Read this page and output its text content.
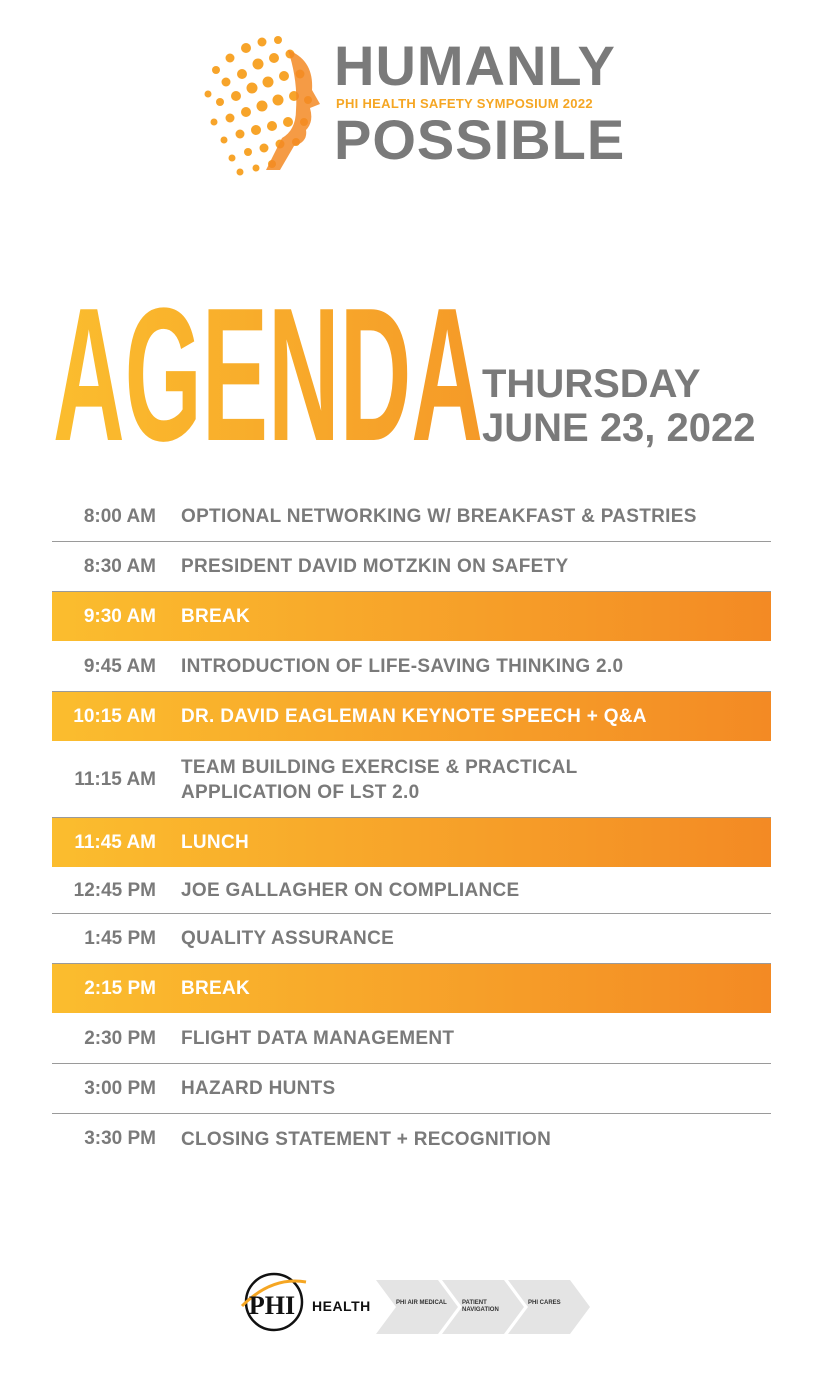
HUMANLY
PHI HEALTH SAFETY SYMPOSIUM 2022
POSSIBLE
AGENDA THURSDAY
JUNE 23, 2022
8:00 AM OPTIONAL NETWORKING W/ BREAKFAST & PASTRIES
8:30 AM PRESIDENT DAVID MOTZKIN ON SAFETY
9:30 AM BREAK
9:45 AM INTRODUCTION OF LIFE-SAVING THINKING 2.0
10:15 AM DR. DAVID EAGLEMAN KEYNOTE SPEECH + Q&A
11:15 AM
TEAM BUILDING EXERCISE & PRACTICAL APPLICATION OF LST 2.0
11:45 AM LUNCH
12:45 PM JOE GALLAGHER ON COMPLIANCE
1:45 PM QUALITY ASSURANCE
2:15 PM BREAK
2:30 PM FLIGHT DATA MANAGEMENT
3:00 PM HAZARD HUNTS
3:30 PM CLOSING STATEMENT + RECOGNITION
PHI HEALTH	PHI AIR MEDICAL	PATIENT NAVIGATION
PHI CARES
